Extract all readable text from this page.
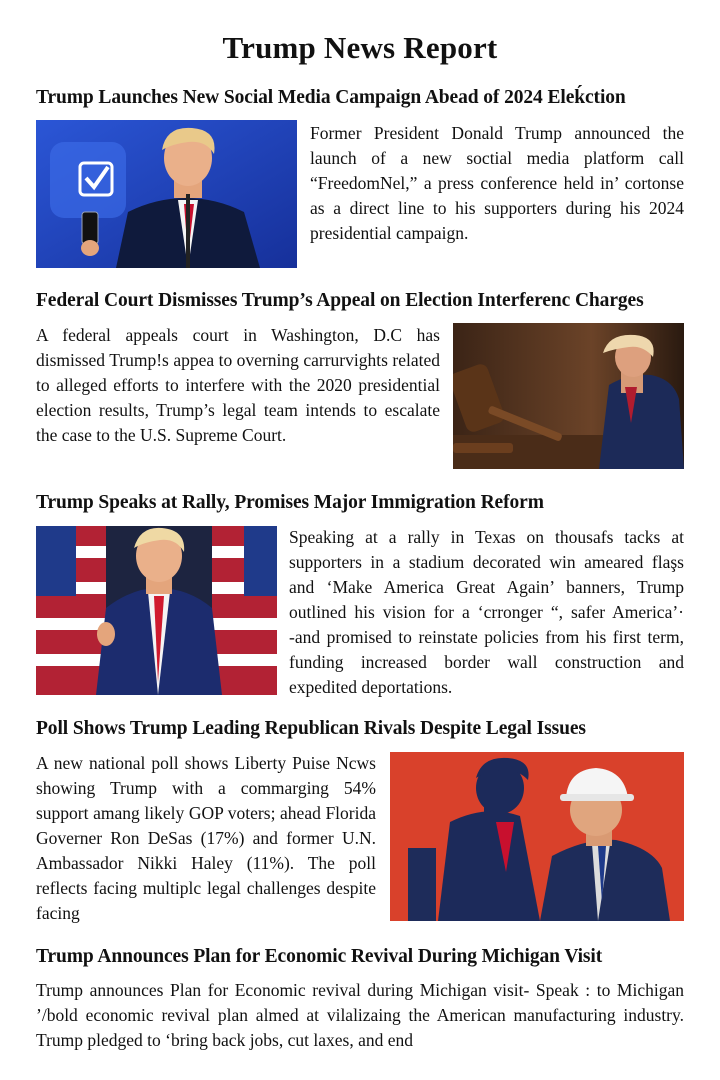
Trump News Report
Trump Launches New Social Media Campaign Abead of 2024 Eleḱction
Former President Donald Trump announced the launch of a new soctial media platform call “FreedomNel,” a press conference held in’ cortonse as a direct line to his supporters during his 2024 presidential campaign.
Federal Court Dismisses Trump’s Appeal on Election Interferenc Charges
A federal appeals court in Washington, D.C has dismissed Trump!s appea to overning carrurvights related to alleged efforts to interfere with the 2020 presidential election results, Trump’s legal team intends to escalate the case to the U.S. Supreme Court.
Trump Speaks at Rally, Promises Major Immigration Reform
Speaking at a rally in Texas on thousafs tacks at supporters in a stadium decorated win ameared flaşs and ‘Make America Great Again’ banners, Trump outlined his vision for a ‘crronger “, safer America’· ‑and promised to reinstate policies from his first term, funding increased border wall construction and expedited deportations.
Poll Shows Trump Leading Republican Rivals Despite Legal Issues
A new national poll shows Liberty Puise Ncws showing Trump with a commarging 54% support amang likely GOP voters; ahead Florida Governer Ron DeSas (17%) and former U.N. Ambassador Nikki Haley (11%). The poll reflects facing multiplc legal challenges despite facing
Trump Announces Plan for Economic Revival During Michigan Visit
Trump announces Plan for Economic revival during Michigan visit- Speak : to Michigan ’/bold economic revival plan almed at vilalizaing the American manufacturing industry. Trump pledged to ‘bring back jobs, cut laxes, and end
